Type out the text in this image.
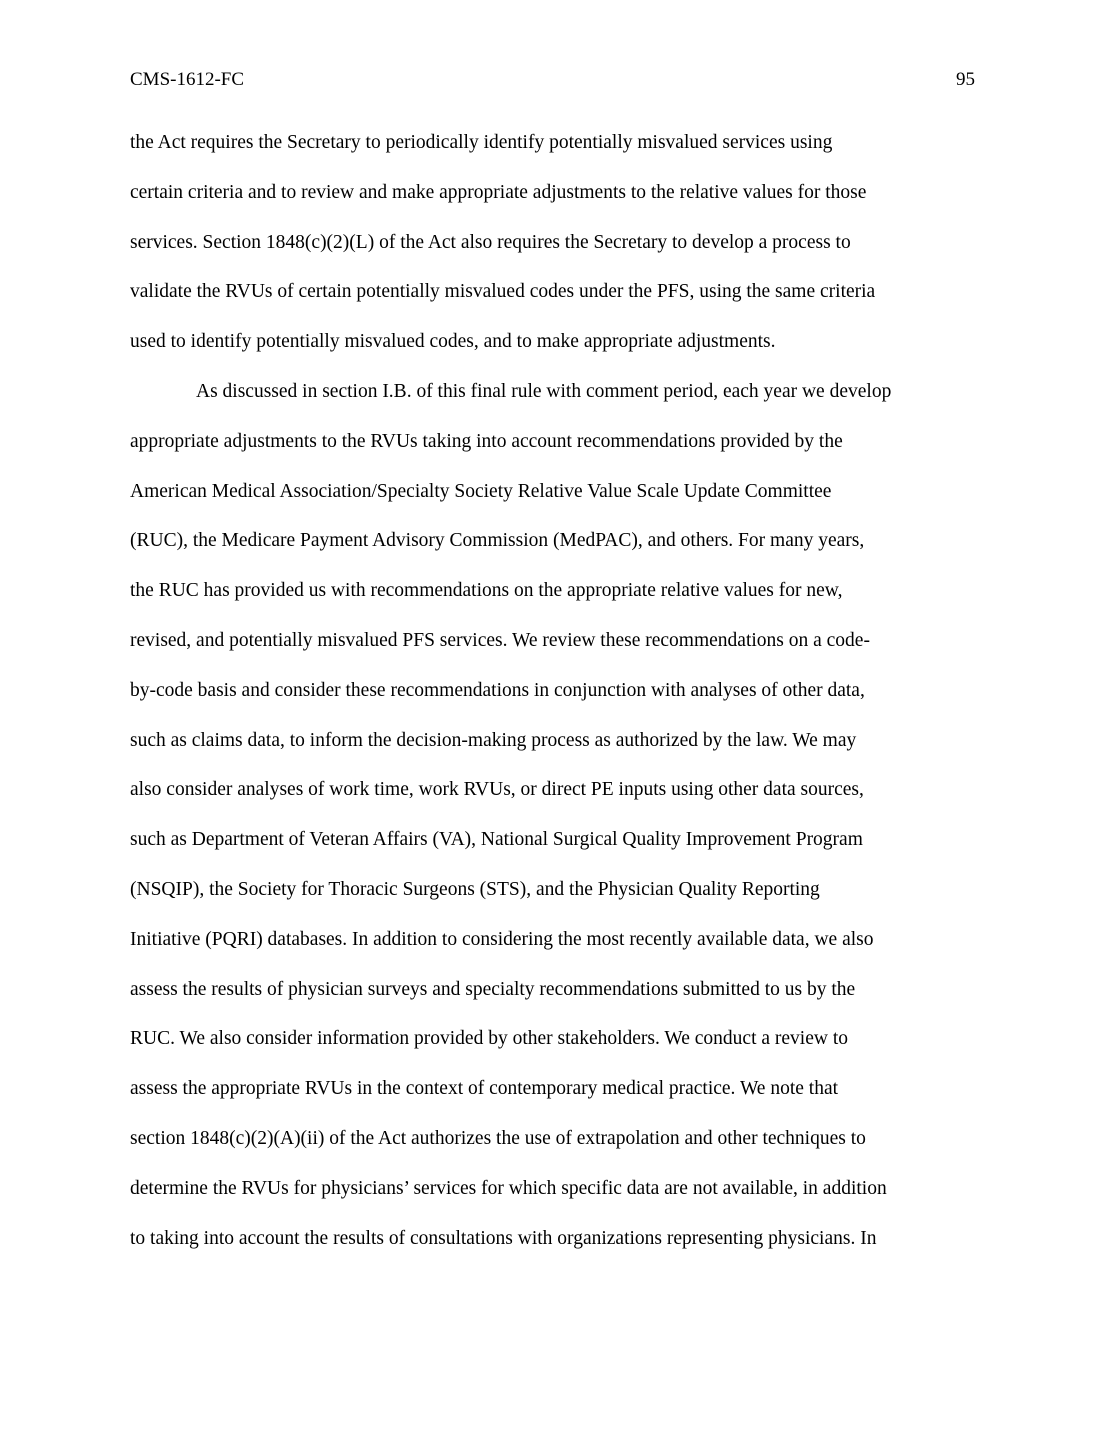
CMS-1612-FC	95
the Act requires the Secretary to periodically identify potentially misvalued services using
certain criteria and to review and make appropriate adjustments to the relative values for those
services. Section 1848(c)(2)(L) of the Act also requires the Secretary to develop a process to
validate the RVUs of certain potentially misvalued codes under the PFS, using the same criteria
used to identify potentially misvalued codes, and to make appropriate adjustments.
As discussed in section I.B. of this final rule with comment period, each year we develop
appropriate adjustments to the RVUs taking into account recommendations provided by the
American Medical Association/Specialty Society Relative Value Scale Update Committee
(RUC), the Medicare Payment Advisory Commission (MedPAC), and others. For many years,
the RUC has provided us with recommendations on the appropriate relative values for new,
revised, and potentially misvalued PFS services. We review these recommendations on a code-
by-code basis and consider these recommendations in conjunction with analyses of other data,
such as claims data, to inform the decision-making process as authorized by the law. We may
also consider analyses of work time, work RVUs, or direct PE inputs using other data sources,
such as Department of Veteran Affairs (VA), National Surgical Quality Improvement Program
(NSQIP), the Society for Thoracic Surgeons (STS), and the Physician Quality Reporting
Initiative (PQRI) databases. In addition to considering the most recently available data, we also
assess the results of physician surveys and specialty recommendations submitted to us by the
RUC. We also consider information provided by other stakeholders. We conduct a review to
assess the appropriate RVUs in the context of contemporary medical practice. We note that
section 1848(c)(2)(A)(ii) of the Act authorizes the use of extrapolation and other techniques to
determine the RVUs for physicians’ services for which specific data are not available, in addition
to taking into account the results of consultations with organizations representing physicians. In
